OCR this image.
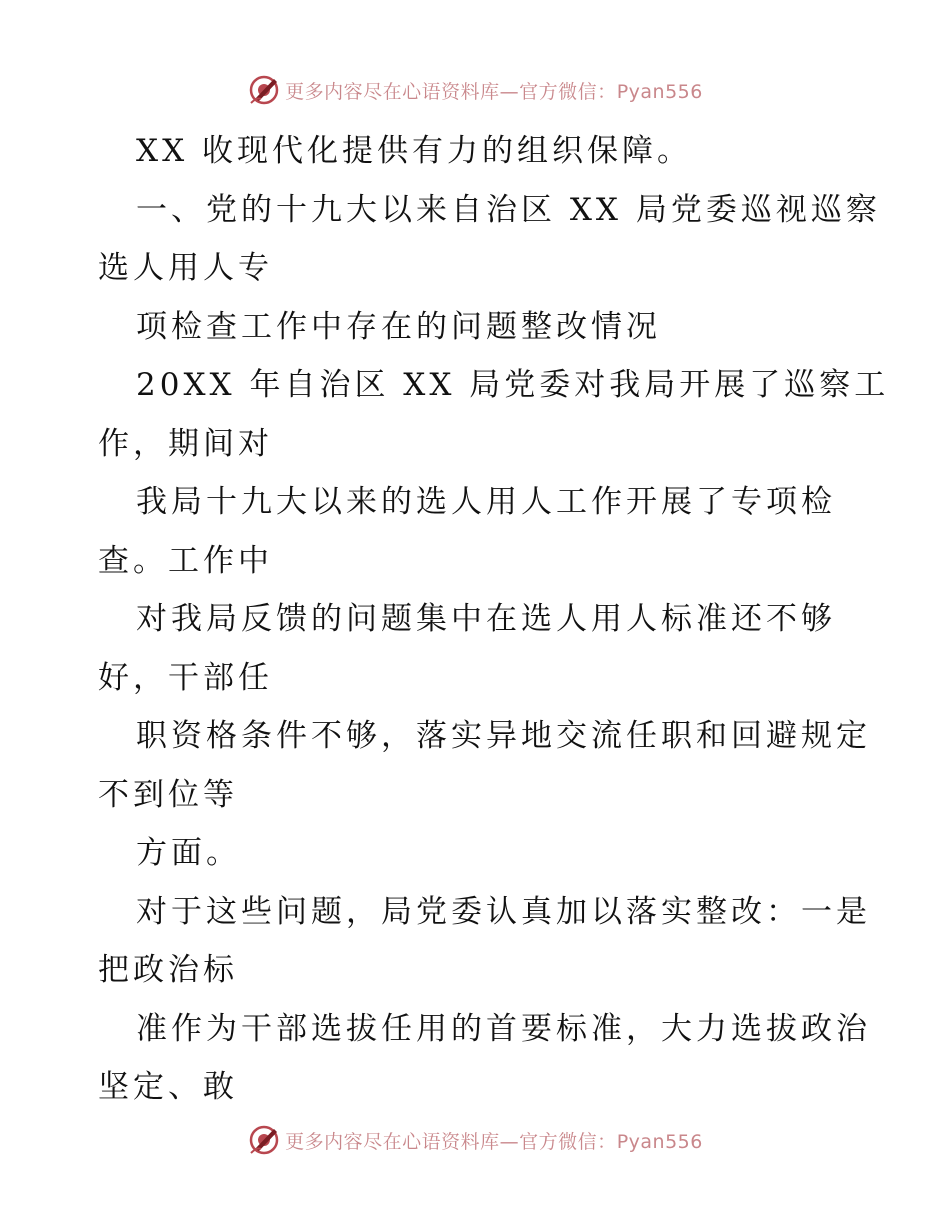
更多内容尽在心语资料库—官方微信：Pyan556
XX 收现代化提供有力的组织保障。
一、党的十九大以来自治区 XX 局党委巡视巡察
选人用人专
项检查工作中存在的问题整改情况
20XX 年自治区 XX 局党委对我局开展了巡察工
作，期间对
我局十九大以来的选人用人工作开展了专项检
查。工作中
对我局反馈的问题集中在选人用人标准还不够
好，干部任
职资格条件不够，落实异地交流任职和回避规定
不到位等
方面。
对于这些问题，局党委认真加以落实整改：一是
把政治标
准作为干部选拔任用的首要标准，大力选拔政治
坚定、敢
更多内容尽在心语资料库—官方微信：Pyan556
